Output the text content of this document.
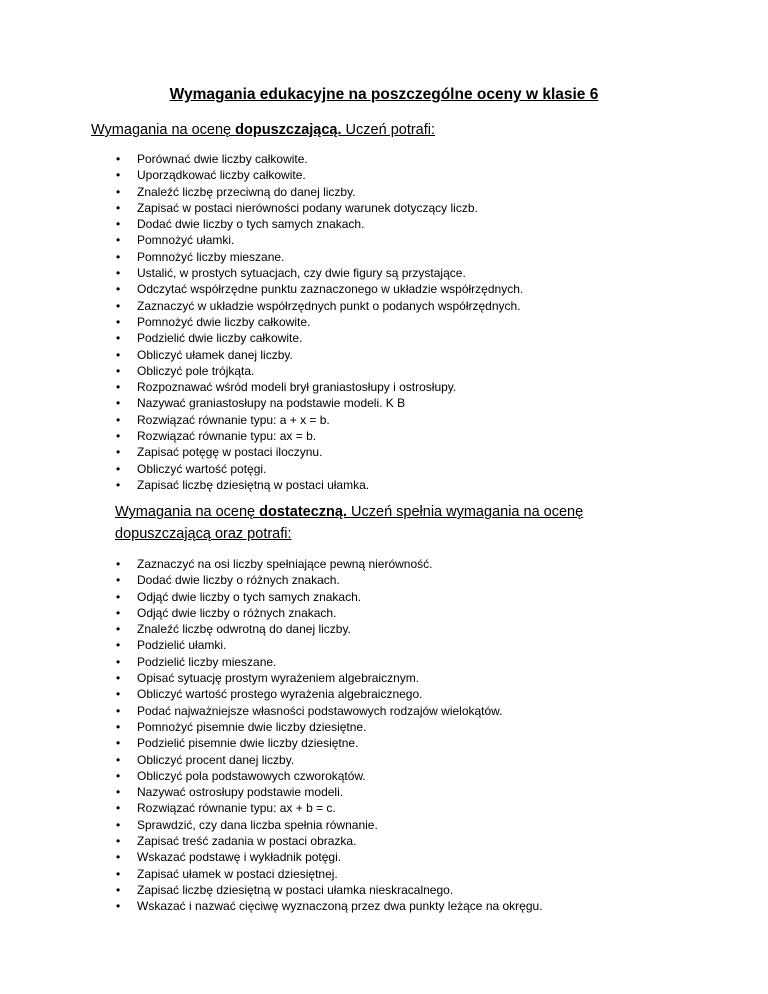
Wymagania edukacyjne na poszczególne oceny w klasie 6

Wymagania na ocenę dopuszczającą. Uczeń potrafi:

•	Porównać dwie liczby całkowite.
•	Uporządkować liczby całkowite.
•	Znaleźć liczbę przeciwną do danej liczby.
•	Zapisać w postaci nierówności podany warunek dotyczący liczb.
•	Dodać dwie liczby o tych samych znakach.
•	Pomnożyć ułamki.
•	Pomnożyć liczby mieszane.
•	Ustalić, w prostych sytuacjach, czy dwie figury są przystające.
•	Odczytać współrzędne punktu zaznaczonego w układzie współrzędnych.
•	Zaznaczyć w układzie współrzędnych punkt o podanych współrzędnych.
•	Pomnożyć dwie liczby całkowite.
•	Podzielić dwie liczby całkowite.
•	Obliczyć ułamek danej liczby.
•	Obliczyć pole trójkąta.
•	Rozpoznawać wśród modeli brył graniastosłupy i ostrosłupy.
•	Nazywać graniastosłupy na podstawie modeli. K B
•	Rozwiązać równanie typu: a + x = b.
•	Rozwiązać równanie typu: ax = b.
•	Zapisać potęgę w postaci iloczynu.
•	Obliczyć wartość potęgi.
•	Zapisać liczbę dziesiętną w postaci ułamka.

Wymagania na ocenę dostateczną. Uczeń spełnia wymagania na ocenę dopuszczającą oraz potrafi:

•	Zaznaczyć na osi liczby spełniające pewną nierówność.
•	Dodać dwie liczby o różnych znakach.
•	Odjąć dwie liczby o tych samych znakach.
•	Odjąć dwie liczby o różnych znakach.
•	Znaleźć liczbę odwrotną do danej liczby.
•	Podzielić ułamki.
•	Podzielić liczby mieszane.
•	Opisać sytuację prostym wyrażeniem algebraicznym.
•	Obliczyć wartość prostego wyrażenia algebraicznego.
•	Podać najważniejsze własności podstawowych rodzajów wielokątów.
•	Pomnożyć pisemnie dwie liczby dziesiętne.
•	Podzielić pisemnie dwie liczby dziesiętne.
•	Obliczyć procent danej liczby.
•	Obliczyć pola podstawowych czworokątów.
•	Nazywać ostrosłupy podstawie modeli.
•	Rozwiązać równanie typu: ax + b = c.
•	Sprawdzić, czy dana liczba spełnia równanie.
•	Zapisać treść zadania w postaci obrazka.
•	Wskazać podstawę i wykładnik potęgi.
•	Zapisać ułamek w postaci dziesiętnej.
•	Zapisać liczbę dziesiętną w postaci ułamka nieskracalnego.
•	Wskazać i nazwać cięciwę wyznaczoną przez dwa punkty leżące na okręgu.
